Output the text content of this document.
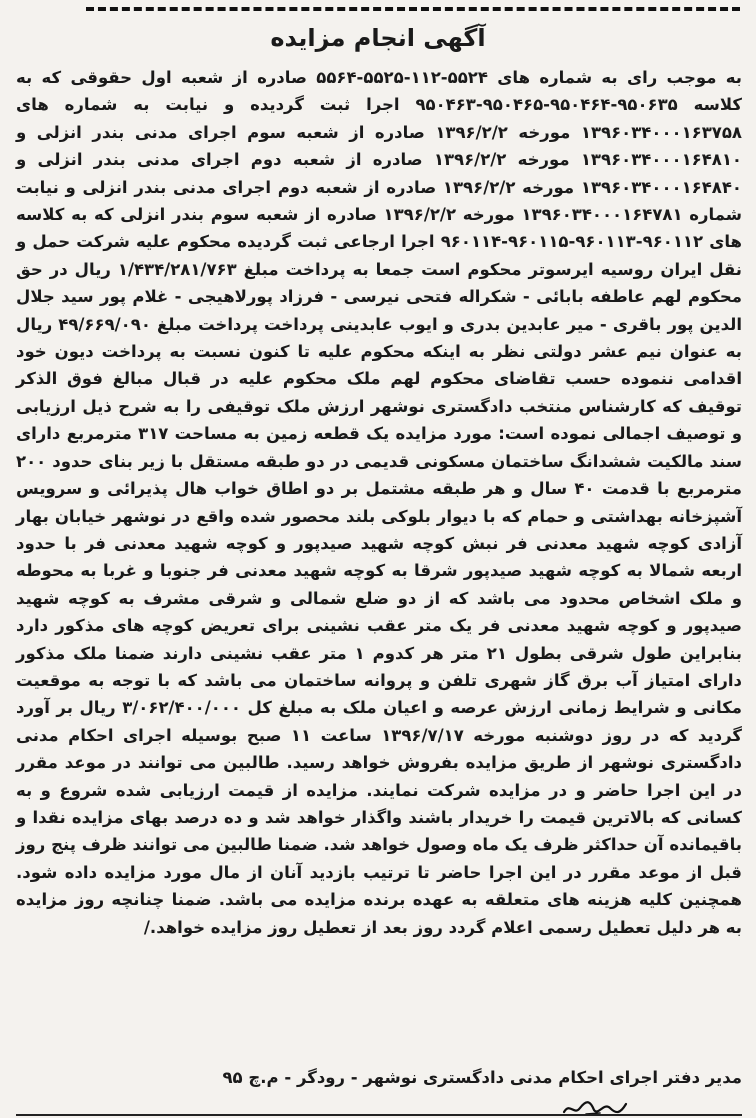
آگهی انجام مزایده
به موجب رای به شماره های ۵۵۲۴-۱۱۲-۵۵۲۵-۵۵۶۴ صادره از شعبه اول حقوقی که به کلاسه ۹۵۰۶۳۵-۹۵۰۴۶۴-۹۵۰۴۶۵-۹۵۰۴۶۳ اجرا ثبت گردیده و نیابت به شماره های ۱۳۹۶۰۳۴۰۰۰۱۶۳۷۵۸ مورخه ۱۳۹۶/۲/۲ صادره از شعبه سوم اجرای مدنی بندر انزلی و ۱۳۹۶۰۳۴۰۰۰۱۶۴۸۱۰ مورخه ۱۳۹۶/۲/۲ صادره از شعبه دوم اجرای مدنی بندر انزلی و ۱۳۹۶۰۳۴۰۰۰۱۶۴۸۴۰ مورخه ۱۳۹۶/۲/۲ صادره از شعبه دوم اجرای مدنی بندر انزلی و نیابت شماره ۱۳۹۶۰۳۴۰۰۰۱۶۴۷۸۱ مورخه ۱۳۹۶/۲/۲ صادره از شعبه سوم بندر انزلی که به کلاسه های ۹۶۰۱۱۲-۹۶۰۱۱۳-۹۶۰۱۱۵-۹۶۰۱۱۴ اجرا ارجاعی ثبت گردیده محکوم علیه شرکت حمل و نقل ایران روسیه ایرسوتر محکوم است جمعا به پرداخت مبلغ ۱/۴۳۴/۲۸۱/۷۶۳ ریال در حق محکوم لهم عاطفه بابائی - شکراله فتحی نیرسی - فرزاد پورلاهیجی - غلام پور سید جلال الدین پور باقری - میر عابدین بدری و ایوب عابدینی پرداخت پرداخت مبلغ ۴۹/۶۶۹/۰۹۰ ریال به عنوان نیم عشر دولتی نظر به اینکه محکوم علیه تا کنون نسبت به پرداخت دیون خود اقدامی ننموده حسب تقاضای محکوم لهم ملک محکوم علیه در قبال مبالغ فوق الذکر توقیف که کارشناس منتخب دادگستری نوشهر ارزش ملک توقیفی را به شرح ذیل ارزیابی و توصیف اجمالی نموده است: مورد مزایده یک قطعه زمین به مساحت ۳۱۷ مترمربع دارای سند مالکیت ششدانگ ساختمان مسکونی قدیمی در دو طبقه مستقل با زیر بنای حدود ۲۰۰ مترمربع با قدمت ۴۰ سال و هر طبقه مشتمل بر دو اطاق خواب هال پذیرائی و سرویس آشپزخانه بهداشتی و حمام که با دیوار بلوکی بلند محصور شده واقع در نوشهر خیابان بهار آزادی کوچه شهید معدنی فر نبش کوچه شهید صیدپور و کوچه شهید معدنی فر با حدود اربعه شمالا به کوچه شهید صیدپور شرقا به کوچه شهید معدنی فر جنوبا و غربا به محوطه و ملک اشخاص محدود می باشد که از دو ضلع شمالی و شرقی مشرف به کوچه شهید صیدپور و کوچه شهید معدنی فر یک متر عقب نشینی برای تعریض کوچه های مذکور دارد بنابراین طول شرقی بطول ۲۱ متر هر کدوم ۱ متر عقب نشینی دارند ضمنا ملک مذکور دارای امتیاز آب برق گاز شهری تلفن و پروانه ساختمان می باشد که با توجه به موقعیت مکانی و شرایط زمانی ارزش عرصه و اعیان ملک به مبلغ کل ۳/۰۶۲/۴۰۰/۰۰۰ ریال بر آورد گردید که در روز دوشنبه مورخه ۱۳۹۶/۷/۱۷ ساعت ۱۱ صبح بوسیله اجرای احکام مدنی دادگستری نوشهر از طریق مزایده بفروش خواهد رسید. طالبین می توانند در موعد مقرر در این اجرا حاضر و در مزایده شرکت نمایند. مزایده از قیمت ارزیابی شده شروع و به کسانی که بالاترین قیمت را خریدار باشند واگذار خواهد شد و ده درصد بهای مزایده نقدا و باقیمانده آن حداکثر ظرف یک ماه وصول خواهد شد. ضمنا طالبین می توانند ظرف پنج روز قبل از موعد مقرر در این اجرا حاضر تا ترتیب بازدید آنان از مال مورد مزایده داده شود. همچنین کلیه هزینه های متعلقه به عهده برنده مزایده می باشد. ضمنا چنانچه روز مزایده به هر دلیل تعطیل رسمی اعلام گردد روز بعد از تعطیل روز مزایده خواهد./
مدیر دفتر اجرای احکام مدنی دادگستری نوشهر - رودگر - م.چ ۹۵
